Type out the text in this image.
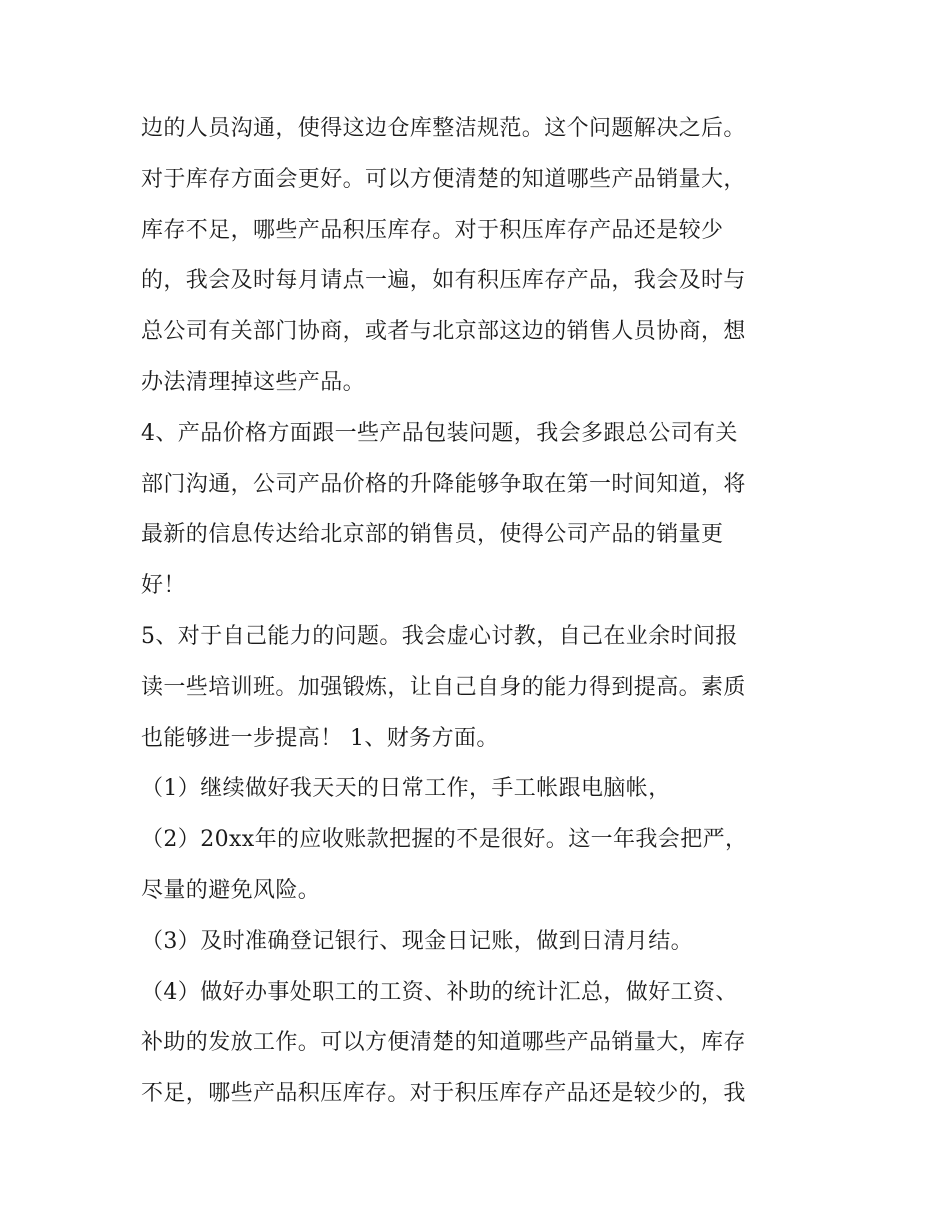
边的人员沟通，使得这边仓库整洁规范。这个问题解决之后。
对于库存方面会更好。可以方便清楚的知道哪些产品销量大，
库存不足，哪些产品积压库存。对于积压库存产品还是较少
的，我会及时每月请点一遍，如有积压库存产品，我会及时与
总公司有关部门协商，或者与北京部这边的销售人员协商，想
办法清理掉这些产品。
4、产品价格方面跟一些产品包装问题，我会多跟总公司有关
部门沟通，公司产品价格的升降能够争取在第一时间知道，将
最新的信息传达给北京部的销售员，使得公司产品的销量更
好！
5、对于自己能力的问题。我会虚心讨教，自己在业余时间报
读一些培训班。加强锻炼，让自己自身的能力得到提高。素质
也能够进一步提高！ 1、财务方面。
（1）继续做好我天天的日常工作，手工帐跟电脑帐，
（2）20xx年的应收账款把握的不是很好。这一年我会把严，
尽量的避免风险。
（3）及时准确登记银行、现金日记账，做到日清月结。
（4）做好办事处职工的工资、补助的统计汇总，做好工资、
补助的发放工作。可以方便清楚的知道哪些产品销量大，库存
不足，哪些产品积压库存。对于积压库存产品还是较少的，我
